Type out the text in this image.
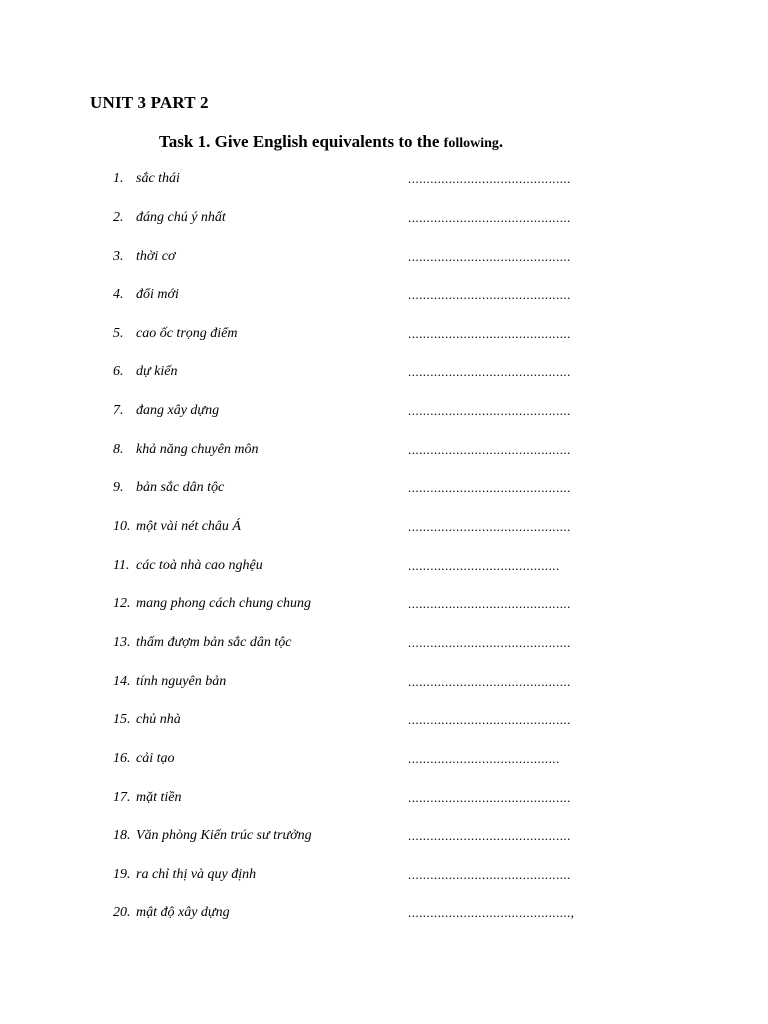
UNIT 3 PART 2
Task 1. Give English equivalents to the following.
1. sắc thái	............................................
2. đáng chú ý nhất	............................................
3. thời cơ	............................................
4. đổi mới	............................................
5. cao ốc trọng điểm	............................................
6. dự kiến	............................................
7. đang xây dựng	............................................
8. khả năng chuyên môn	............................................
9. bản sắc dân tộc	............................................
10. một vài nét châu Á	............................................
11. các toà nhà cao nghệu	.........................................
12. mang phong cách chung chung	............................................
13. thấm đượm bản sắc dân tộc	............................................
14. tính nguyên bản	............................................
15. chủ nhà	............................................
16. cải tạo	.........................................
17. mặt tiền	............................................
18. Văn phòng Kiến trúc sư trưởng	............................................
19. ra chỉ thị và quy định	............................................
20. mật độ xây dựng	............................................,
